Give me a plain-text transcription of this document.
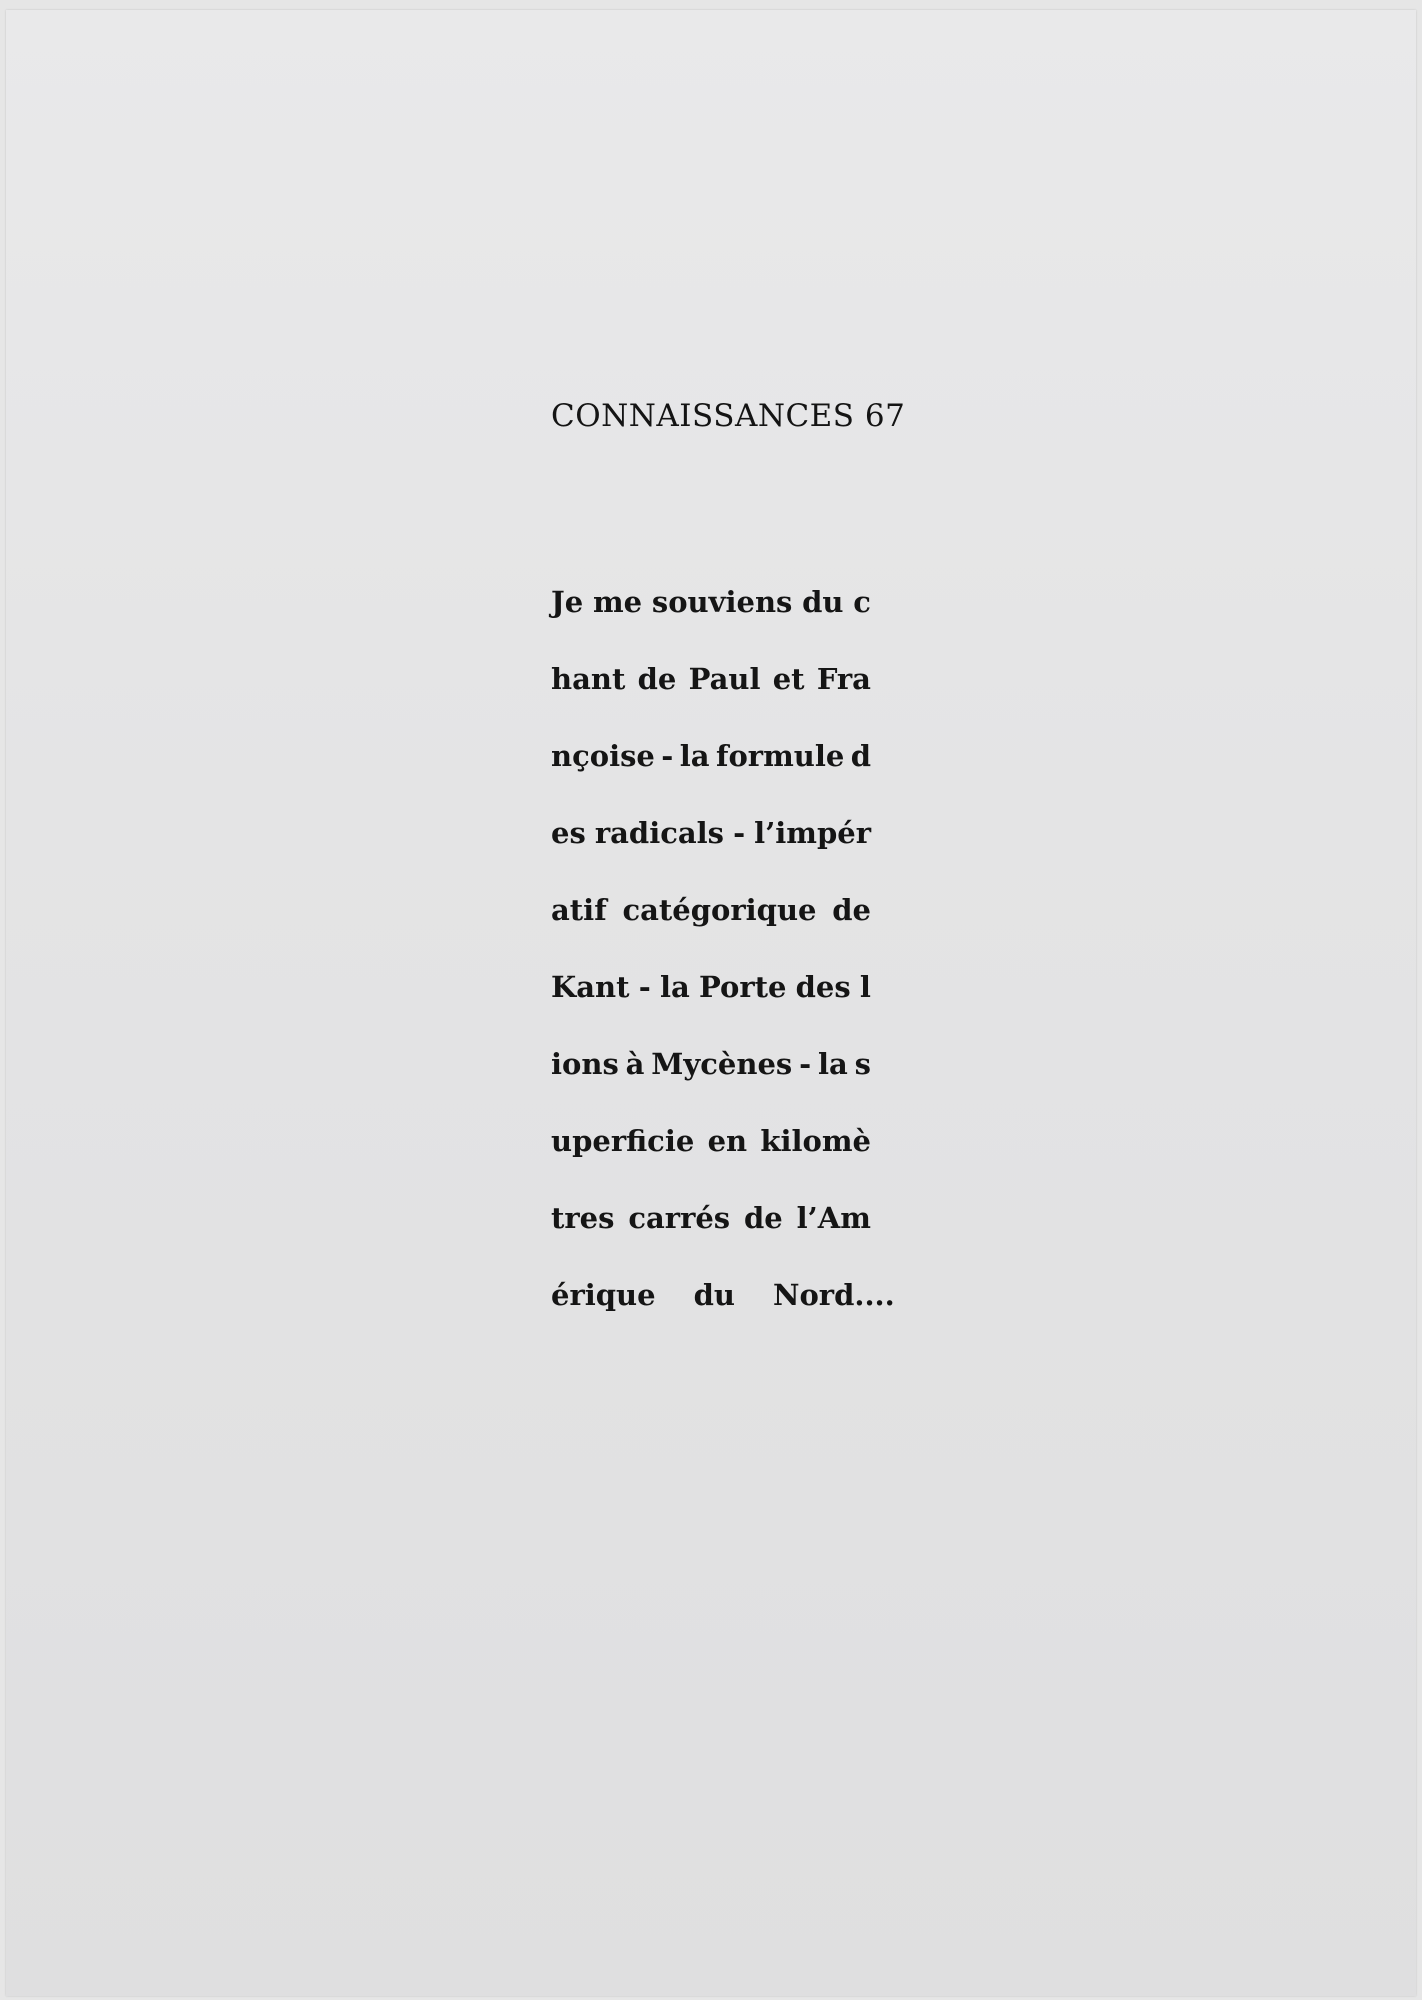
CONNAISSANCES 67
Je me souviens du c
hant de Paul et Fra
nçoise - la formule d
es radicals - l’impér
atif catégorique de
Kant - la Porte des l
ions à Mycènes - la s
uperficie en kilomè
tres carrés de l’Am
érique du Nord....
